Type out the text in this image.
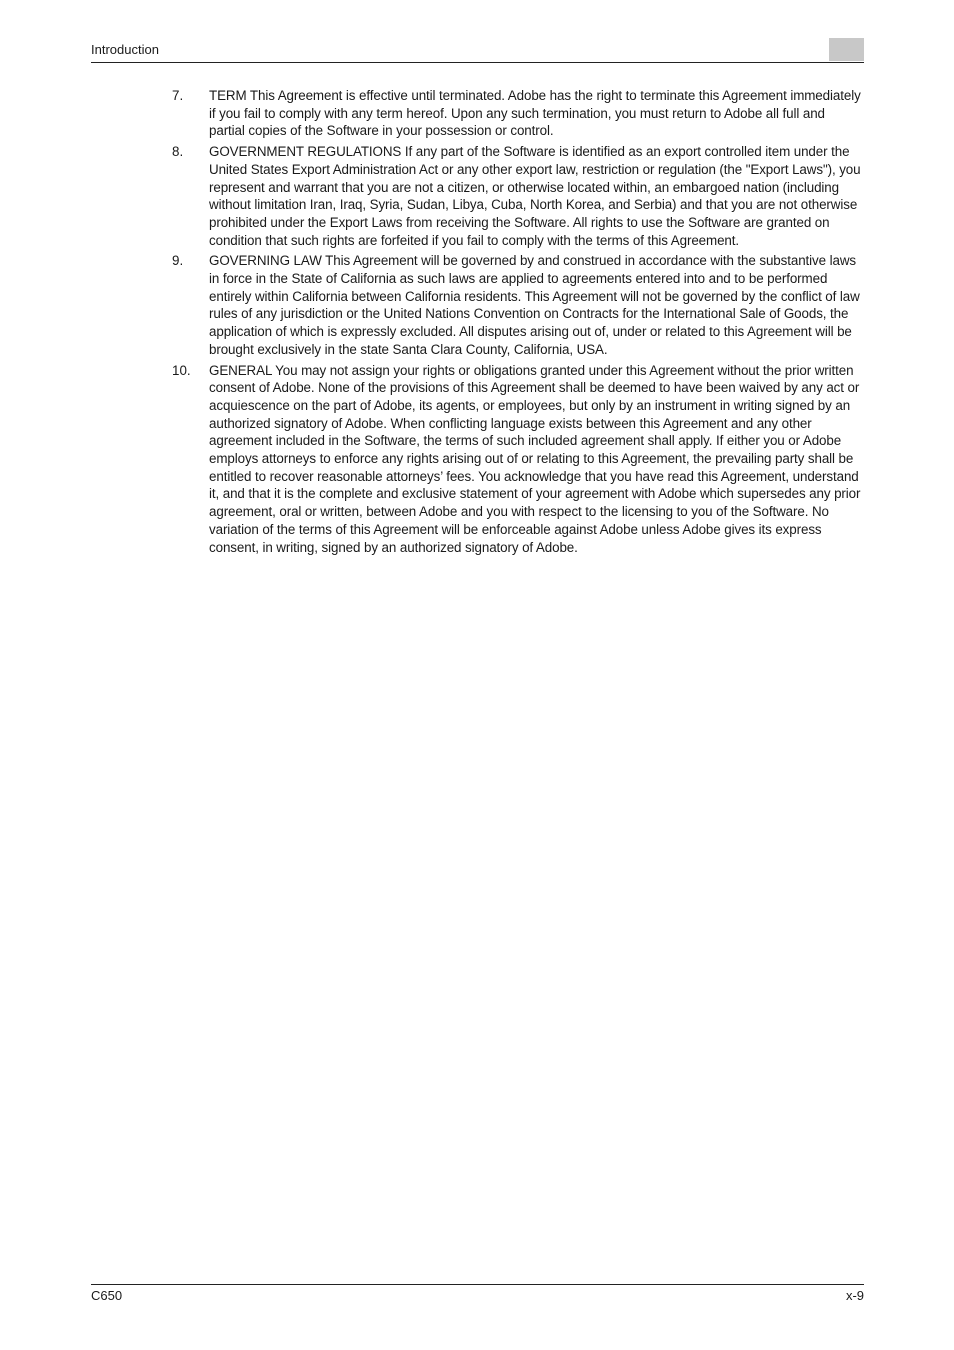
Introduction
7. TERM This Agreement is effective until terminated. Adobe has the right to terminate this Agreement immediately if you fail to comply with any term hereof. Upon any such termination, you must return to Adobe all full and partial copies of the Software in your possession or control.
8. GOVERNMENT REGULATIONS If any part of the Software is identified as an export controlled item under the United States Export Administration Act or any other export law, restriction or regulation (the "Export Laws"), you represent and warrant that you are not a citizen, or otherwise located within, an embargoed nation (including without limitation Iran, Iraq, Syria, Sudan, Libya, Cuba, North Korea, and Serbia) and that you are not otherwise prohibited under the Export Laws from receiving the Software. All rights to use the Software are granted on condition that such rights are forfeited if you fail to comply with the terms of this Agreement.
9. GOVERNING LAW This Agreement will be governed by and construed in accordance with the substantive laws in force in the State of California as such laws are applied to agreements entered into and to be performed entirely within California between California residents. This Agreement will not be governed by the conflict of law rules of any jurisdiction or the United Nations Convention on Contracts for the International Sale of Goods, the application of which is expressly excluded. All disputes arising out of, under or related to this Agreement will be brought exclusively in the state Santa Clara County, California, USA.
10. GENERAL You may not assign your rights or obligations granted under this Agreement without the prior written consent of Adobe. None of the provisions of this Agreement shall be deemed to have been waived by any act or acquiescence on the part of Adobe, its agents, or employees, but only by an instrument in writing signed by an authorized signatory of Adobe. When conflicting language exists between this Agreement and any other agreement included in the Software, the terms of such included agreement shall apply. If either you or Adobe employs attorneys to enforce any rights arising out of or relating to this Agreement, the prevailing party shall be entitled to recover reasonable attorneys’ fees. You acknowledge that you have read this Agreement, understand it, and that it is the complete and exclusive statement of your agreement with Adobe which supersedes any prior agreement, oral or written, between Adobe and you with respect to the licensing to you of the Software. No variation of the terms of this Agreement will be enforceable against Adobe unless Adobe gives its express consent, in writing, signed by an authorized signatory of Adobe.
C650	x-9
